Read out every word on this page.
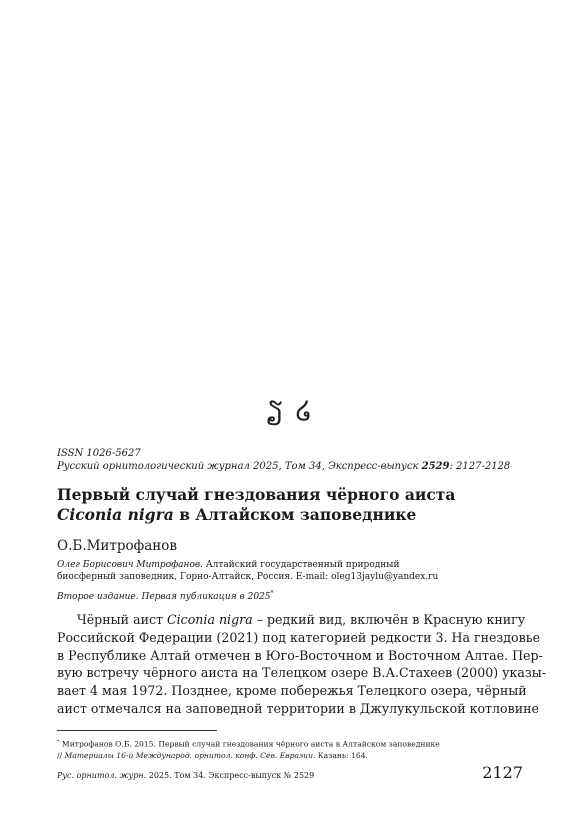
ຽ ໒
ISSN 1026-5627
Русский орнитологический журнал 2025, Том 34, Экспресс-выпуск 2529: 2127-2128
Первый случай гнездования чёрного аиста
Ciconia nigra в Алтайском заповеднике
О.Б.Митрофанов
Олег Борисович Митрофанов. Алтайский государственный природный
биосферный заповедник, Горно-Алтайск, Россия. E-mail: oleg13jaylu@yandex.ru
Второе издание. Первая публикация в 2025*
Чёрный аист Ciconia nigra – редкий вид, включён в Красную книгу
Российской Федерации (2021) под категорией редкости 3. На гнездовье
в Республике Алтай отмечен в Юго-Восточном и Восточном Алтае. Пер-
вую встречу чёрного аиста на Телецком озере В.А.Стахеев (2000) указы-
вает 4 мая 1972. Позднее, кроме побережья Телецкого озера, чёрный
аист отмечался на заповедной территории в Джулукульской котловине
* Митрофанов О.Б. 2015. Первый случай гнездования чёрного аиста в Алтайском заповеднике
// Материалы 16-й Международ. орнитол. конф. Сев. Евразии. Казань: 164.
Рус. орнитол. журн. 2025. Том 34. Экспресс-выпуск № 2529	2127
